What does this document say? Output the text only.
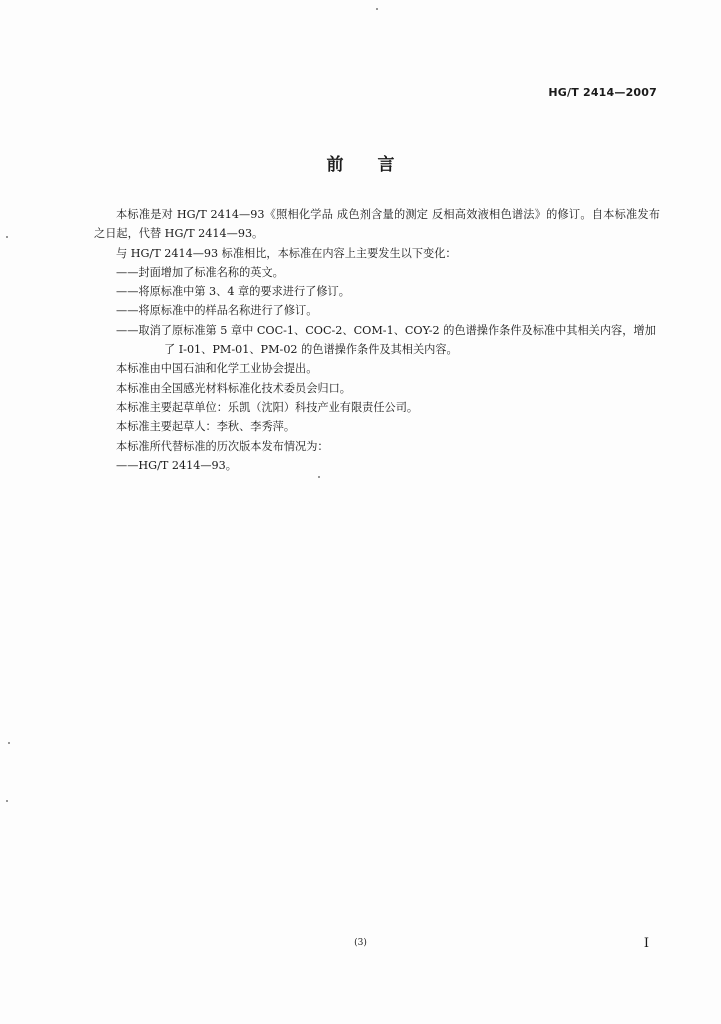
HG/T 2414—2007
前 言

本标准是对 HG/T 2414—93《照相化学品 成色剂含量的测定 反相高效液相色谱法》的修订。自本标准发布之日起，代替 HG/T 2414—93。

与 HG/T 2414—93 标准相比，本标准在内容上主要发生以下变化：

——封面增加了标准名称的英文。

——将原标准中第 3、4 章的要求进行了修订。

——将原标准中的样品名称进行了修订。

——取消了原标准第 5 章中 COC-1、COC-2、COM-1、COY-2 的色谱操作条件及标准中其相关内容，增加了 I-01、PM-01、PM-02 的色谱操作条件及其相关内容。

本标准由中国石油和化学工业协会提出。

本标准由全国感光材料标准化技术委员会归口。

本标准主要起草单位：乐凯（沈阳）科技产业有限责任公司。

本标准主要起草人：李秋、李秀萍。

本标准所代替标准的历次版本发布情况为：

——HG/T 2414—93。

(3)	I
